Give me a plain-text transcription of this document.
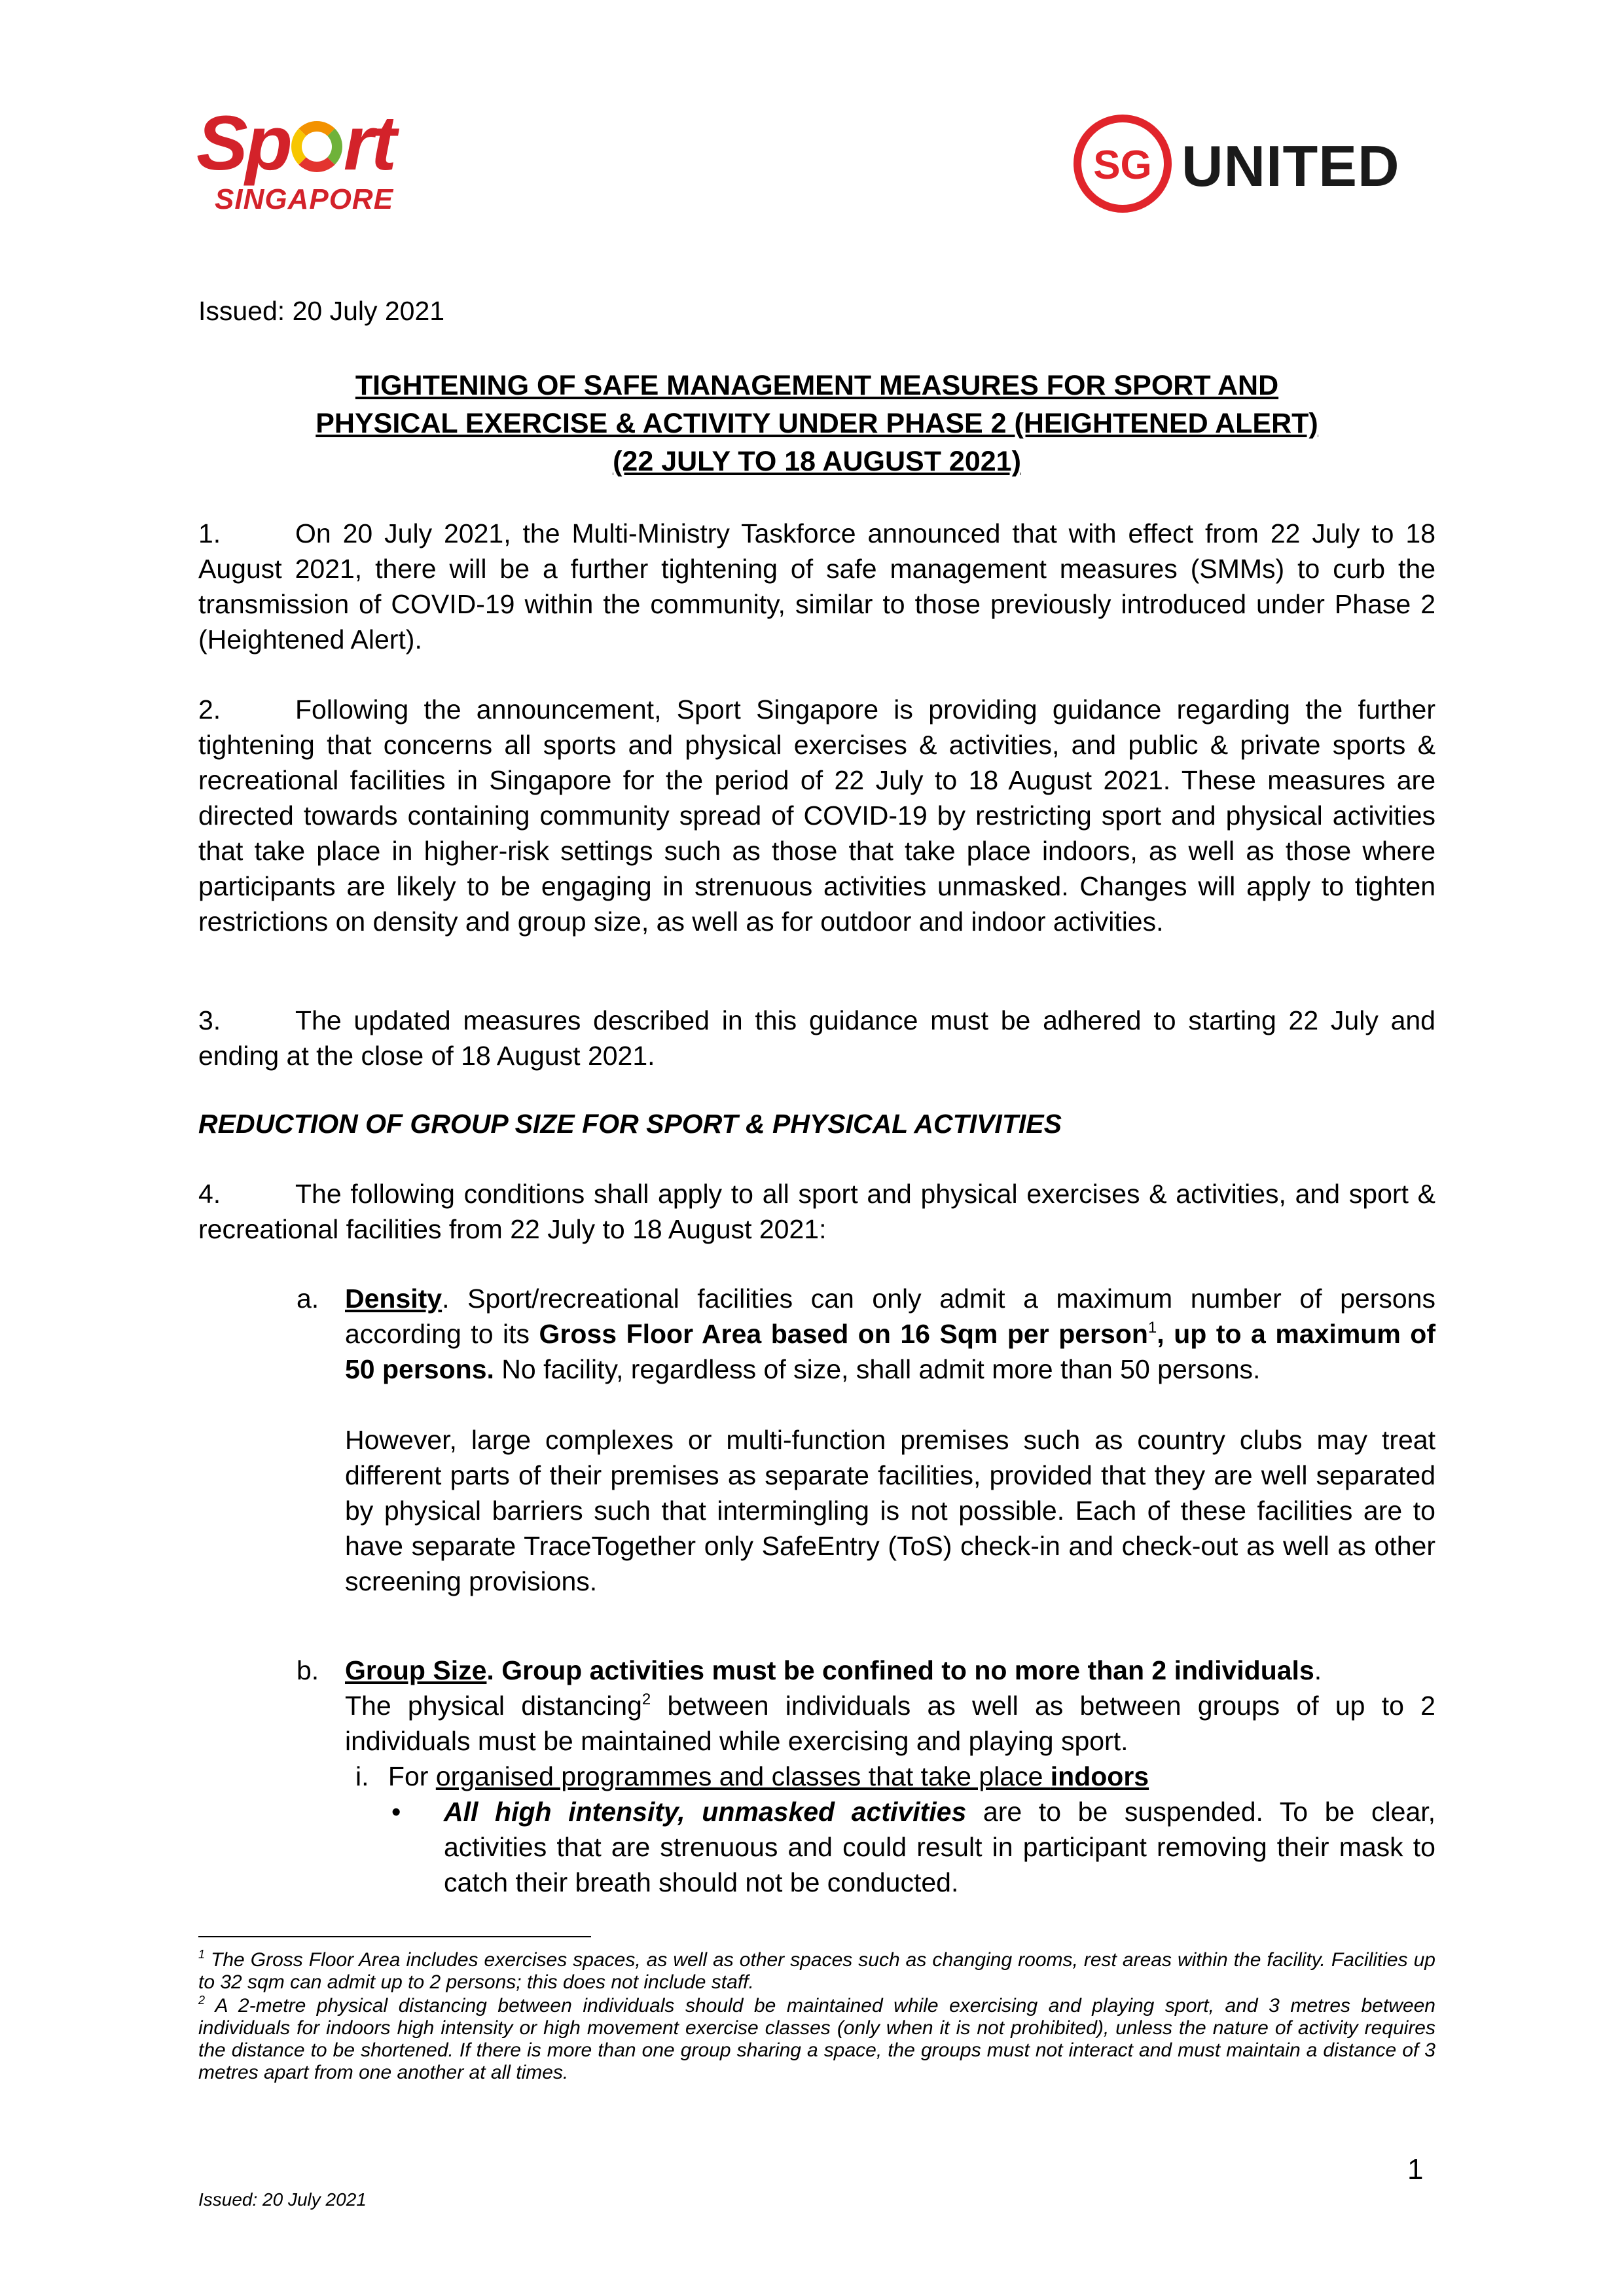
Sp rt
SINGAPORE
SG UNITED
Issued: 20 July 2021
TIGHTENING OF SAFE MANAGEMENT MEASURES FOR SPORT AND
PHYSICAL EXERCISE & ACTIVITY UNDER PHASE 2 (HEIGHTENED ALERT)
(22 JULY TO 18 AUGUST 2021)
1.	On 20 July 2021, the Multi-Ministry Taskforce announced that with effect from 22 July to 18 August 2021, there will be a further tightening of safe management measures (SMMs) to curb the transmission of COVID-19 within the community, similar to those previously introduced under Phase 2 (Heightened Alert).
2.	Following the announcement, Sport Singapore is providing guidance regarding the further tightening that concerns all sports and physical exercises & activities, and public & private sports & recreational facilities in Singapore for the period of 22 July to 18 August 2021. These measures are directed towards containing community spread of COVID-19 by restricting sport and physical activities that take place in higher-risk settings such as those that take place indoors, as well as those where participants are likely to be engaging in strenuous activities unmasked. Changes will apply to tighten restrictions on density and group size, as well as for outdoor and indoor activities.
3.	The updated measures described in this guidance must be adhered to starting 22 July and ending at the close of 18 August 2021.
REDUCTION OF GROUP SIZE FOR SPORT & PHYSICAL ACTIVITIES
4.	The following conditions shall apply to all sport and physical exercises & activities, and sport & recreational facilities from 22 July to 18 August 2021:
a. Density. Sport/recreational facilities can only admit a maximum number of persons according to its Gross Floor Area based on 16 Sqm per person$^1$, up to a maximum of 50 persons. No facility, regardless of size, shall admit more than 50 persons.
However, large complexes or multi-function premises such as country clubs may treat different parts of their premises as separate facilities, provided that they are well separated by physical barriers such that intermingling is not possible. Each of these facilities are to have separate TraceTogether only SafeEntry (ToS) check-in and check-out as well as other screening provisions.
b. Group Size. Group activities must be confined to no more than 2 individuals.
The physical distancing$^2$ between individuals as well as between groups of up to 2 individuals must be maintained while exercising and playing sport.
i. For organised programmes and classes that take place indoors
• All high intensity, unmasked activities are to be suspended. To be clear, activities that are strenuous and could result in participant removing their mask to catch their breath should not be conducted.
$^1$ The Gross Floor Area includes exercises spaces, as well as other spaces such as changing rooms, rest areas within the facility. Facilities up to 32 sqm can admit up to 2 persons; this does not include staff.
$^2$ A 2-metre physical distancing between individuals should be maintained while exercising and playing sport, and 3 metres between individuals for indoors high intensity or high movement exercise classes (only when it is not prohibited), unless the nature of activity requires the distance to be shortened. If there is more than one group sharing a space, the groups must not interact and must maintain a distance of 3 metres apart from one another at all times.
1
Issued: 20 July 2021
